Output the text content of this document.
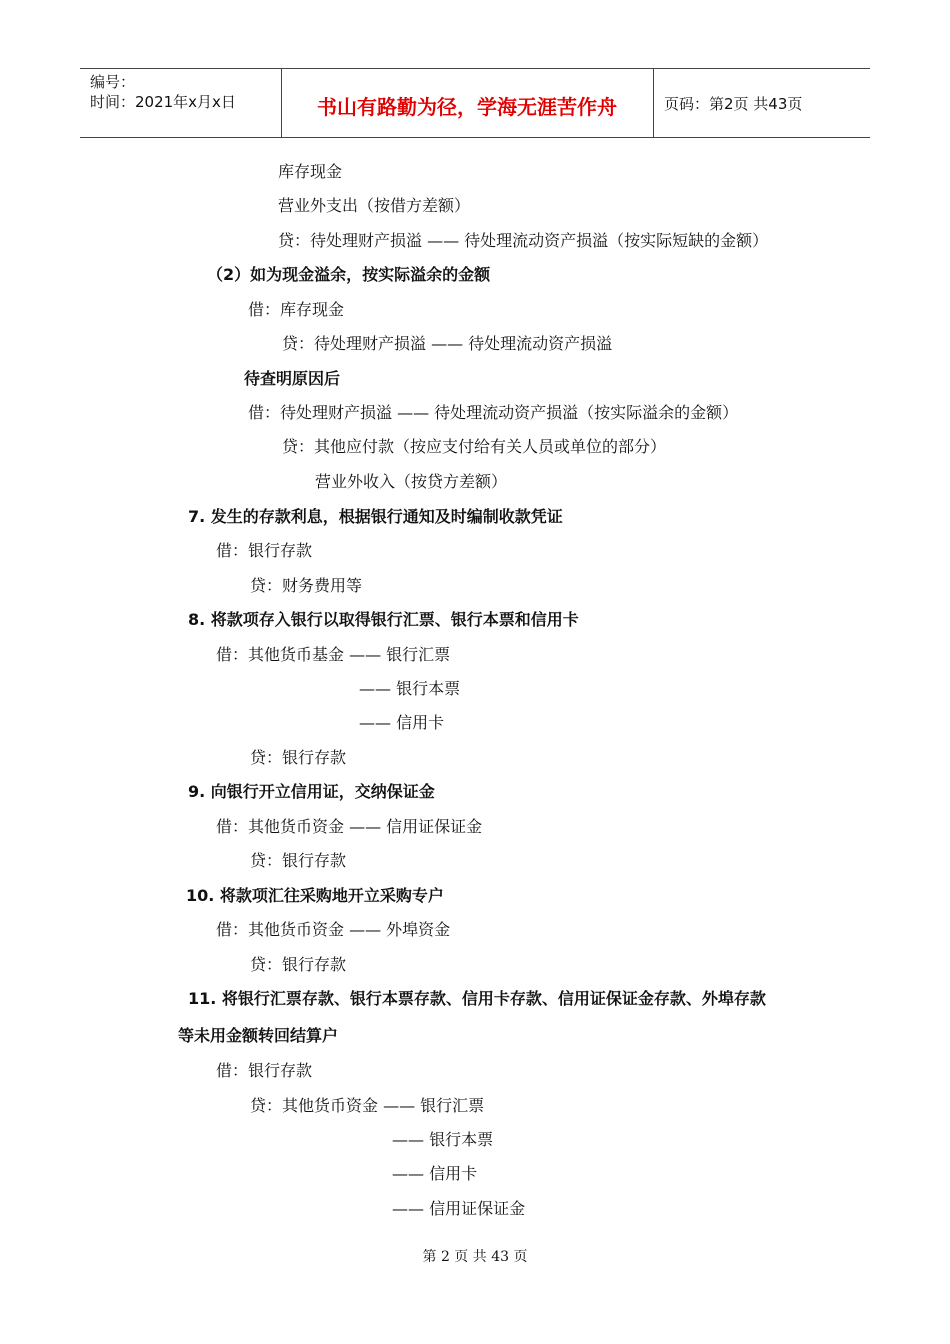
编号：
时间：2021年x月x日	书山有路勤为径，学海无涯苦作舟	页码：第2页 共43页
库存现金
营业外支出（按借方差额）
贷：待处理财产损溢 —— 待处理流动资产损溢（按实际短缺的金额）
（2）如为现金溢余，按实际溢余的金额
借：库存现金
贷：待处理财产损溢 —— 待处理流动资产损溢
待查明原因后
借：待处理财产损溢 —— 待处理流动资产损溢（按实际溢余的金额）
贷：其他应付款（按应支付给有关人员或单位的部分）
营业外收入（按贷方差额）
7. 发生的存款利息，根据银行通知及时编制收款凭证
借：银行存款
贷：财务费用等
8. 将款项存入银行以取得银行汇票、银行本票和信用卡
借：其他货币基金 —— 银行汇票
—— 银行本票
—— 信用卡
贷：银行存款
9. 向银行开立信用证，交纳保证金
借：其他货币资金 —— 信用证保证金
贷：银行存款
10. 将款项汇往采购地开立采购专户
借：其他货币资金 —— 外埠资金
贷：银行存款
11. 将银行汇票存款、银行本票存款、信用卡存款、信用证保证金存款、外埠存款
等未用金额转回结算户
借：银行存款
贷：其他货币资金 —— 银行汇票
—— 银行本票
—— 信用卡
—— 信用证保证金
第 2 页 共 43 页
